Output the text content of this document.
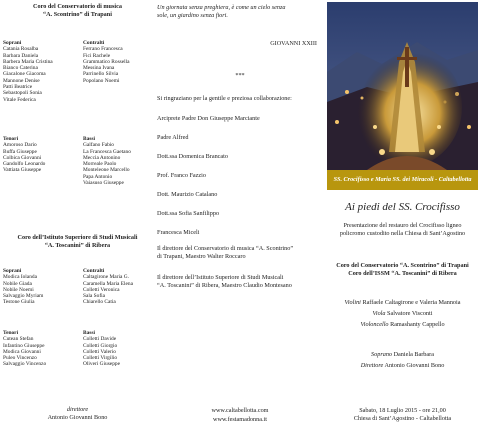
Coro del Conservatorio di musica
“A. Scontrino” di Trapani
Soprani
Catania Rosalba
Barbara Daniela
Barbera Maria Cristina
Bianco Caterina
Giacalone Giacoma
Mannone Denise
Patti Beatrice
Sebastopoli Sonia
Vitale Federica
Contralti
Ferrano Francesca
Fici Rachele
Grammatico Rossella
Messina Ivana
Parrinello Silvia
Popolano Noemi
Tenori
Amoroso Dario
Buffa Giuseppe
Colbica Giovanni
Gandolfo Leonardo
Vattiata Giuseppe
Bassi
Galfano Fabio
La Francesca Gaetano
Meccia Antonino
Morreale Paolo
Monteleone Marcello
Papa Antonio
Vaiasuso Giuseppe
Coro dell’Istituto Superiore di Studi Musicali
“A. Toscanini” di Ribera
Soprani
Modica Iolanda
Nobile Giada
Nobile Noemi
Salvaggio Myriam
Testone Giulia
Contralti
Caltagirone Maria G.
Caramella Maria Elena
Colletti Veronica
Sala Sofia
Chiarello Catia
Tenori
Cutean Stefan
Infantino Giuseppe
Modica Giovanni
Puleo Vincenzo
Salvaggio Vincenzo
Bassi
Colletti Davide
Colletti Giorgio
Colletti Valerio
Colletti Virgilio
Oliveri Giuseppe
direttore
Antonio Giovanni Bono
Un giornata senza preghiera, è come un cielo senza
sole, un giardino senza fiori.
GIOVANNI XXIII
***
Si ringraziano per la gentile e preziosa collaborazione:
Arciprete Padre Don Giuseppe Marciante
Padre Alfred
Dott.ssa Domenica Brancato
Prof. Franco Fazzio
Dott. Maurizio Catalano
Dott.ssa Sofia Sanfilippo
Francesca Miceli
Il direttore del Conservatorio di musica “A. Scontrino”
di Trapani, Maestro Walter Roccaro
Il direttore dell’Istituto Superiore di Studi Musicali
“A. Toscanini” di Ribera, Maestro Claudio Montesano
www.caltabellotta.com
www.festamadonna.it
SS. Crocifisso e Maria SS. dei Miracoli - Caltabellotta
Ai piedi del SS. Crocifisso
Presentazione del restauro del Crocifisso ligneo
policromo custodito nella Chiesa di Sant’Agostino
Coro del Conservatorio “A. Scontrino” di Trapani
Coro dell’ISSM “A. Toscanini” di Ribera
Violini Raffaele Caltagirone e Valeria Mannoia
Viola Salvatore Visconti
Violoncello Ramashanty Cappello
Soprano Daniela Barbara
Direttore Antonio Giovanni Bono
Sabato, 18 Luglio 2015 - ore 21,00
Chiesa di Sant’Agostino - Caltabellotta
